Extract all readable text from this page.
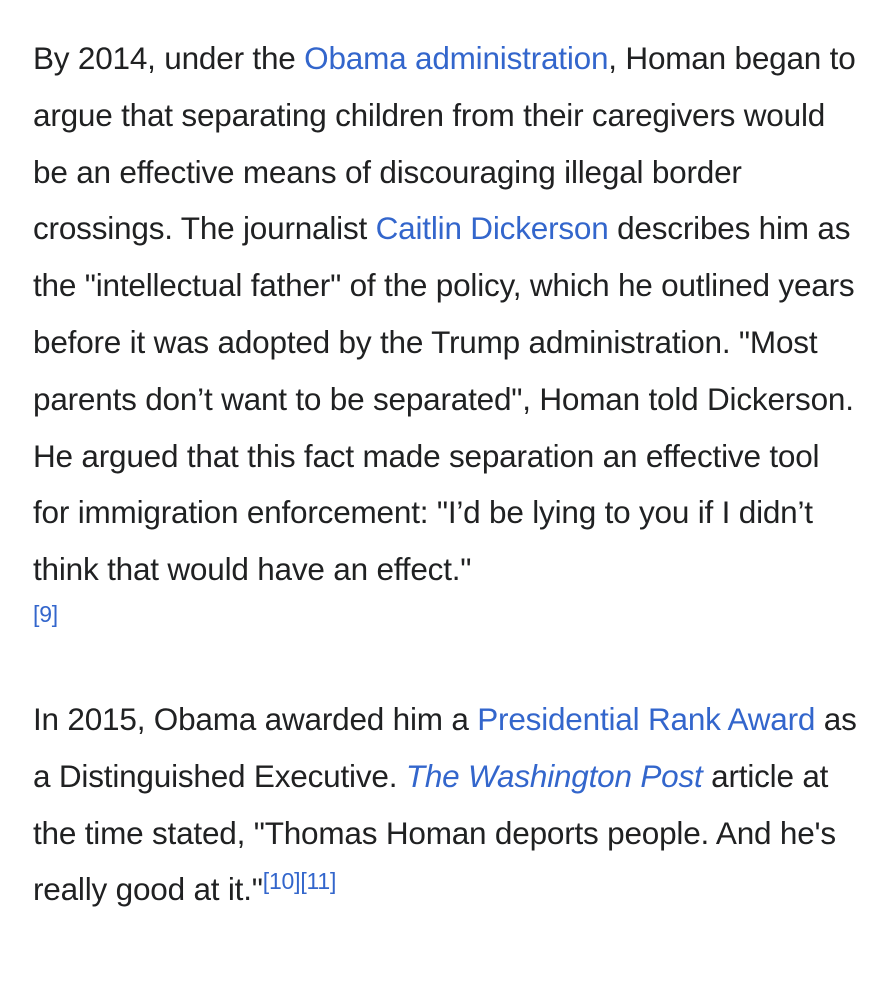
By 2014, under the Obama administration, Homan began to argue that separating children from their caregivers would be an effective means of discouraging illegal border crossings. The journalist Caitlin Dickerson describes him as the "intellectual father" of the policy, which he outlined years before it was adopted by the Trump administration. "Most parents don’t want to be separated", Homan told Dickerson. He argued that this fact made separation an effective tool for immigration enforcement: "I’d be lying to you if I didn’t think that would have an effect."
[9]

In 2015, Obama awarded him a Presidential Rank Award as a Distinguished Executive. The Washington Post article at the time stated, "Thomas Homan deports people. And he's really good at it."[10][11]
